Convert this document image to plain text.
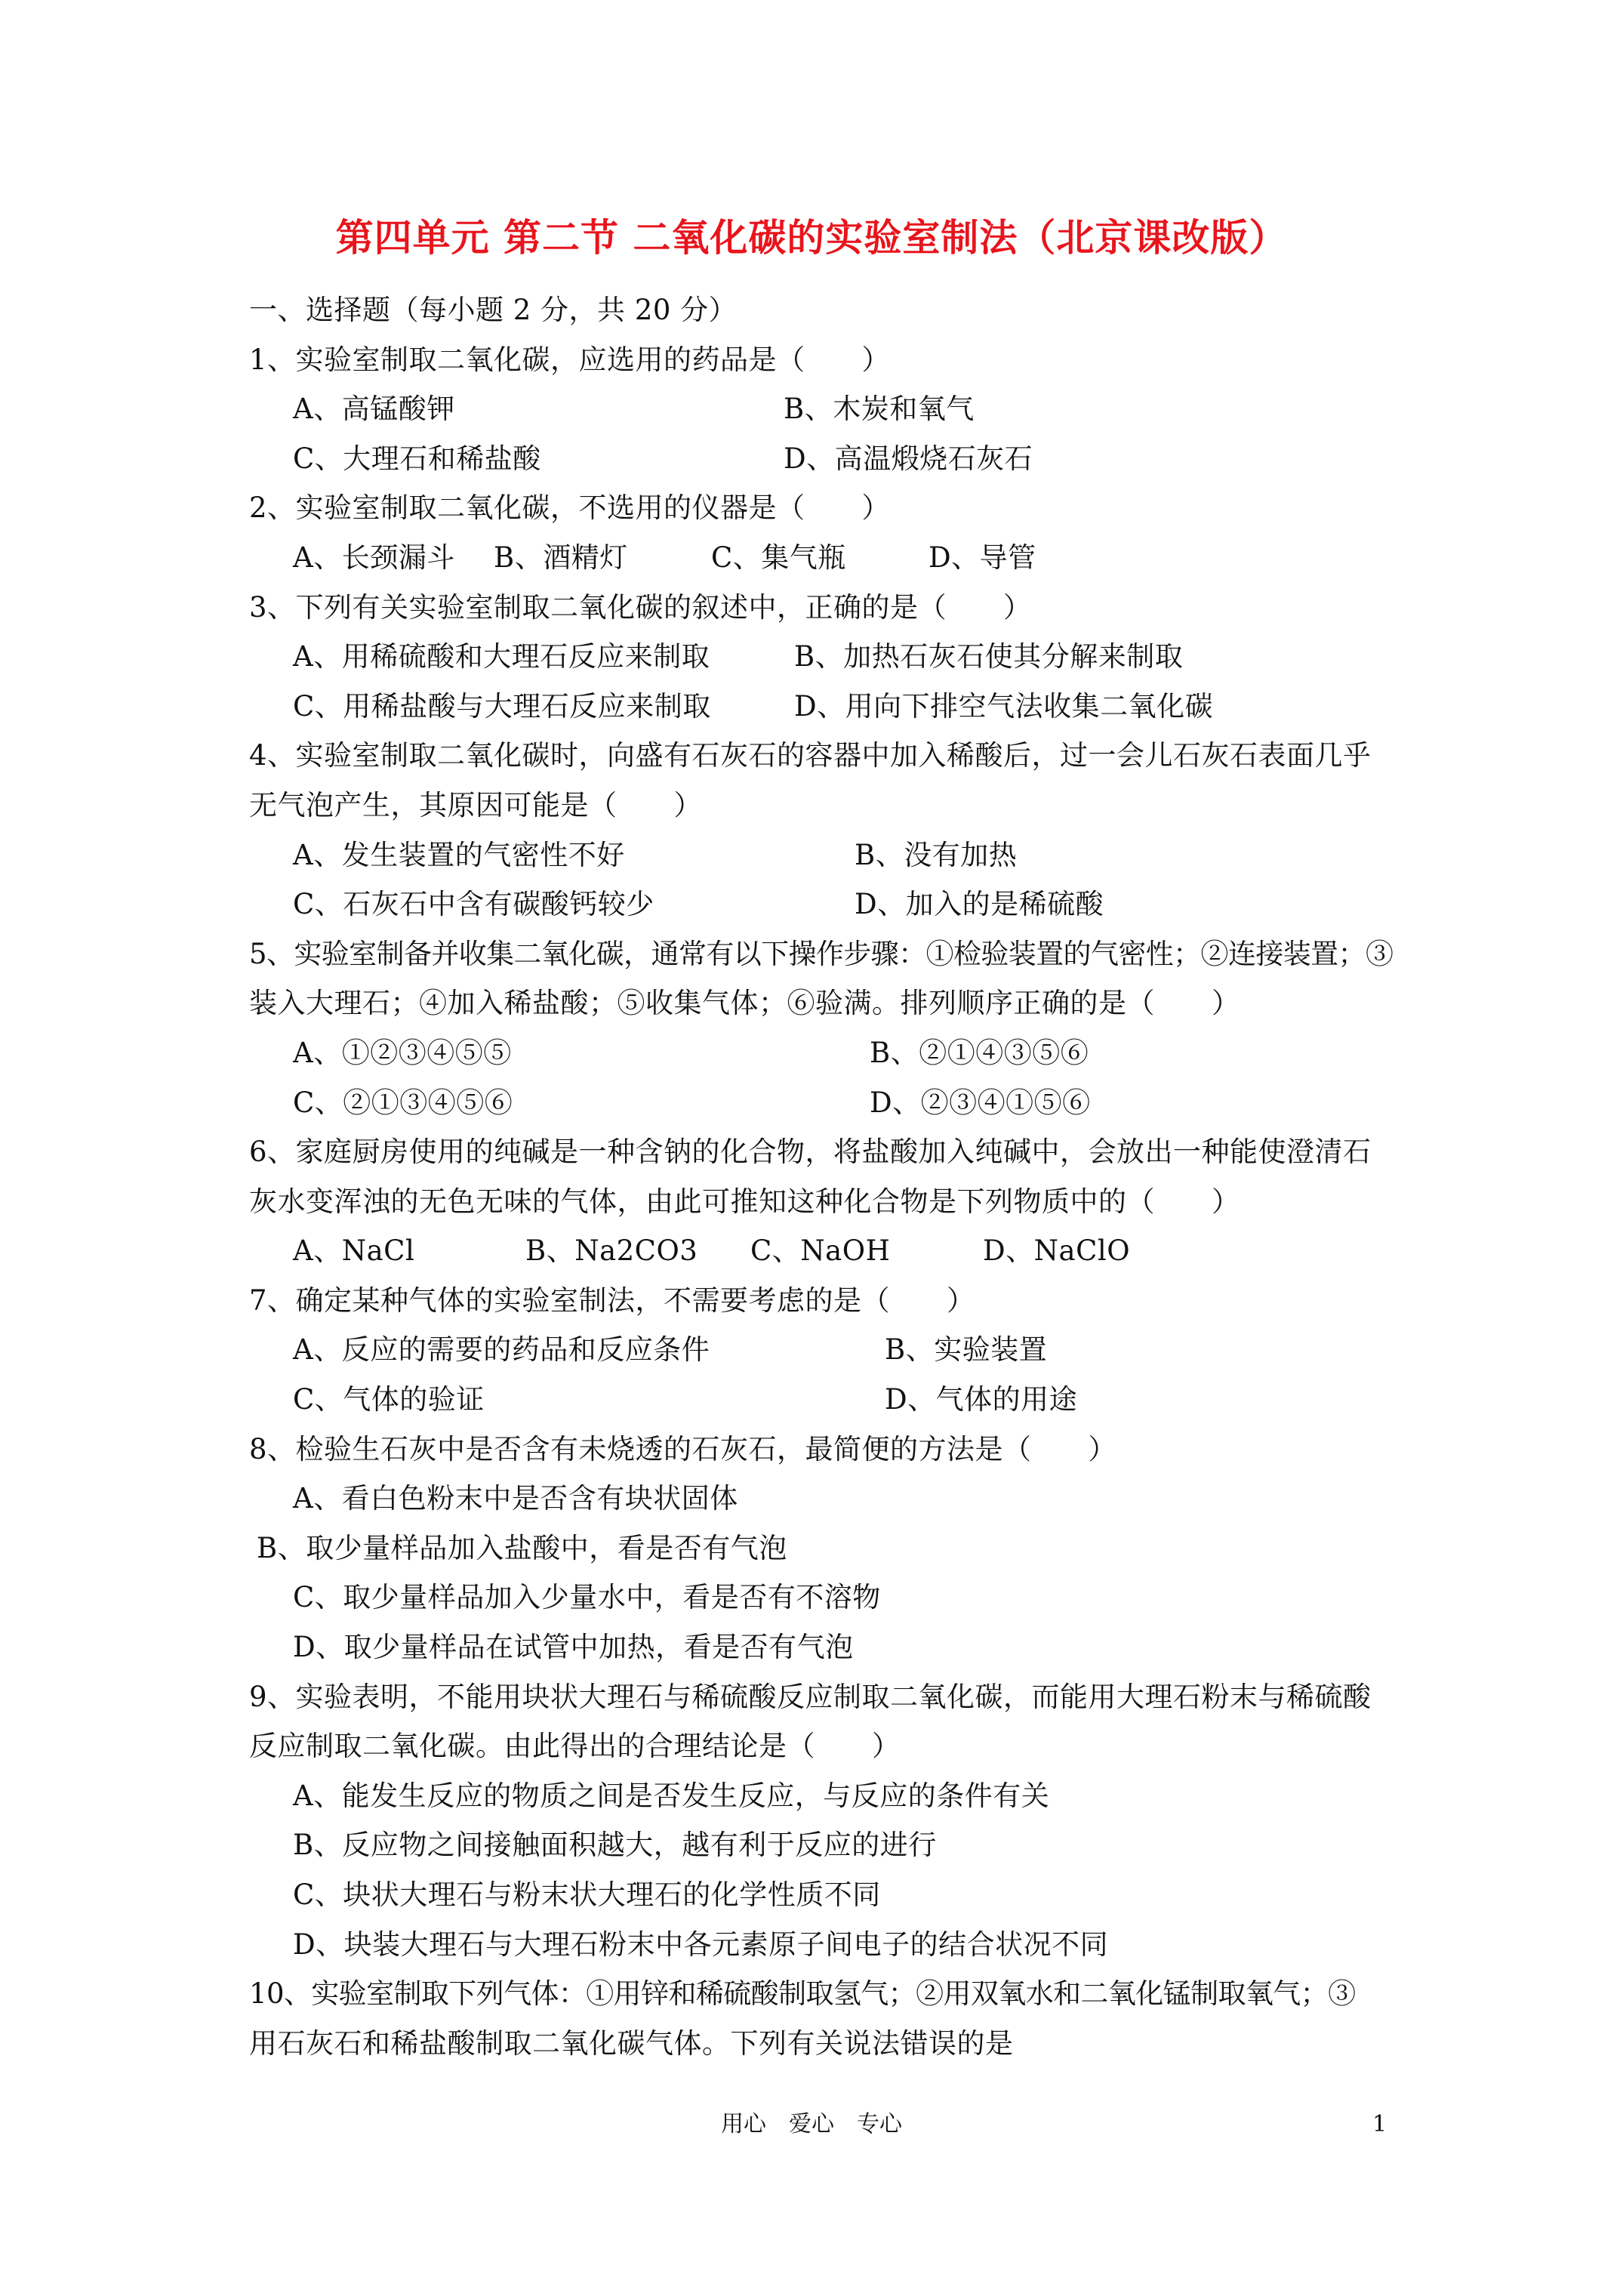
第四单元 第二节 二氧化碳的实验室制法（北京课改版）
一、选择题（每小题 2 分，共 20 分）
1、实验室制取二氧化碳，应选用的药品是（　　）
A、高锰酸钾	B、木炭和氧气
C、大理石和稀盐酸	D、高温煅烧石灰石
2、实验室制取二氧化碳，不选用的仪器是（　　）
A、长颈漏斗	B、酒精灯	C、集气瓶	D、导管
3、下列有关实验室制取二氧化碳的叙述中，正确的是（　　）
A、用稀硫酸和大理石反应来制取	B、加热石灰石使其分解来制取
C、用稀盐酸与大理石反应来制取	D、用向下排空气法收集二氧化碳
4、实验室制取二氧化碳时，向盛有石灰石的容器中加入稀酸后，过一会儿石灰石表面几乎
无气泡产生，其原因可能是（　　）
A、发生装置的气密性不好	B、没有加热
C、石灰石中含有碳酸钙较少	D、加入的是稀硫酸
5、实验室制备并收集二氧化碳，通常有以下操作步骤：①检验装置的气密性；②连接装置；③
装入大理石；④加入稀盐酸；⑤收集气体；⑥验满。排列顺序正确的是（　　）
A、①②③④⑤⑤	B、②①④③⑤⑥
C、②①③④⑤⑥	D、②③④①⑤⑥
6、家庭厨房使用的纯碱是一种含钠的化合物，将盐酸加入纯碱中，会放出一种能使澄清石
灰水变浑浊的无色无味的气体，由此可推知这种化合物是下列物质中的（　　）
A、NaCl	B、Na2CO3	C、NaOH	D、NaClO
7、确定某种气体的实验室制法，不需要考虑的是（　　）
A、反应的需要的药品和反应条件	B、实验装置
C、气体的验证	D、气体的用途
8、检验生石灰中是否含有未烧透的石灰石，最简便的方法是（　　）
A、看白色粉末中是否含有块状固体
B、取少量样品加入盐酸中，看是否有气泡
C、取少量样品加入少量水中，看是否有不溶物
D、取少量样品在试管中加热，看是否有气泡
9、实验表明，不能用块状大理石与稀硫酸反应制取二氧化碳，而能用大理石粉末与稀硫酸
反应制取二氧化碳。由此得出的合理结论是（　　）
A、能发生反应的物质之间是否发生反应，与反应的条件有关
B、反应物之间接触面积越大，越有利于反应的进行
C、块状大理石与粉末状大理石的化学性质不同
D、块装大理石与大理石粉末中各元素原子间电子的结合状况不同
10、实验室制取下列气体：①用锌和稀硫酸制取氢气；②用双氧水和二氧化锰制取氧气；③
用石灰石和稀盐酸制取二氧化碳气体。下列有关说法错误的是
用心　爱心　专心	1
